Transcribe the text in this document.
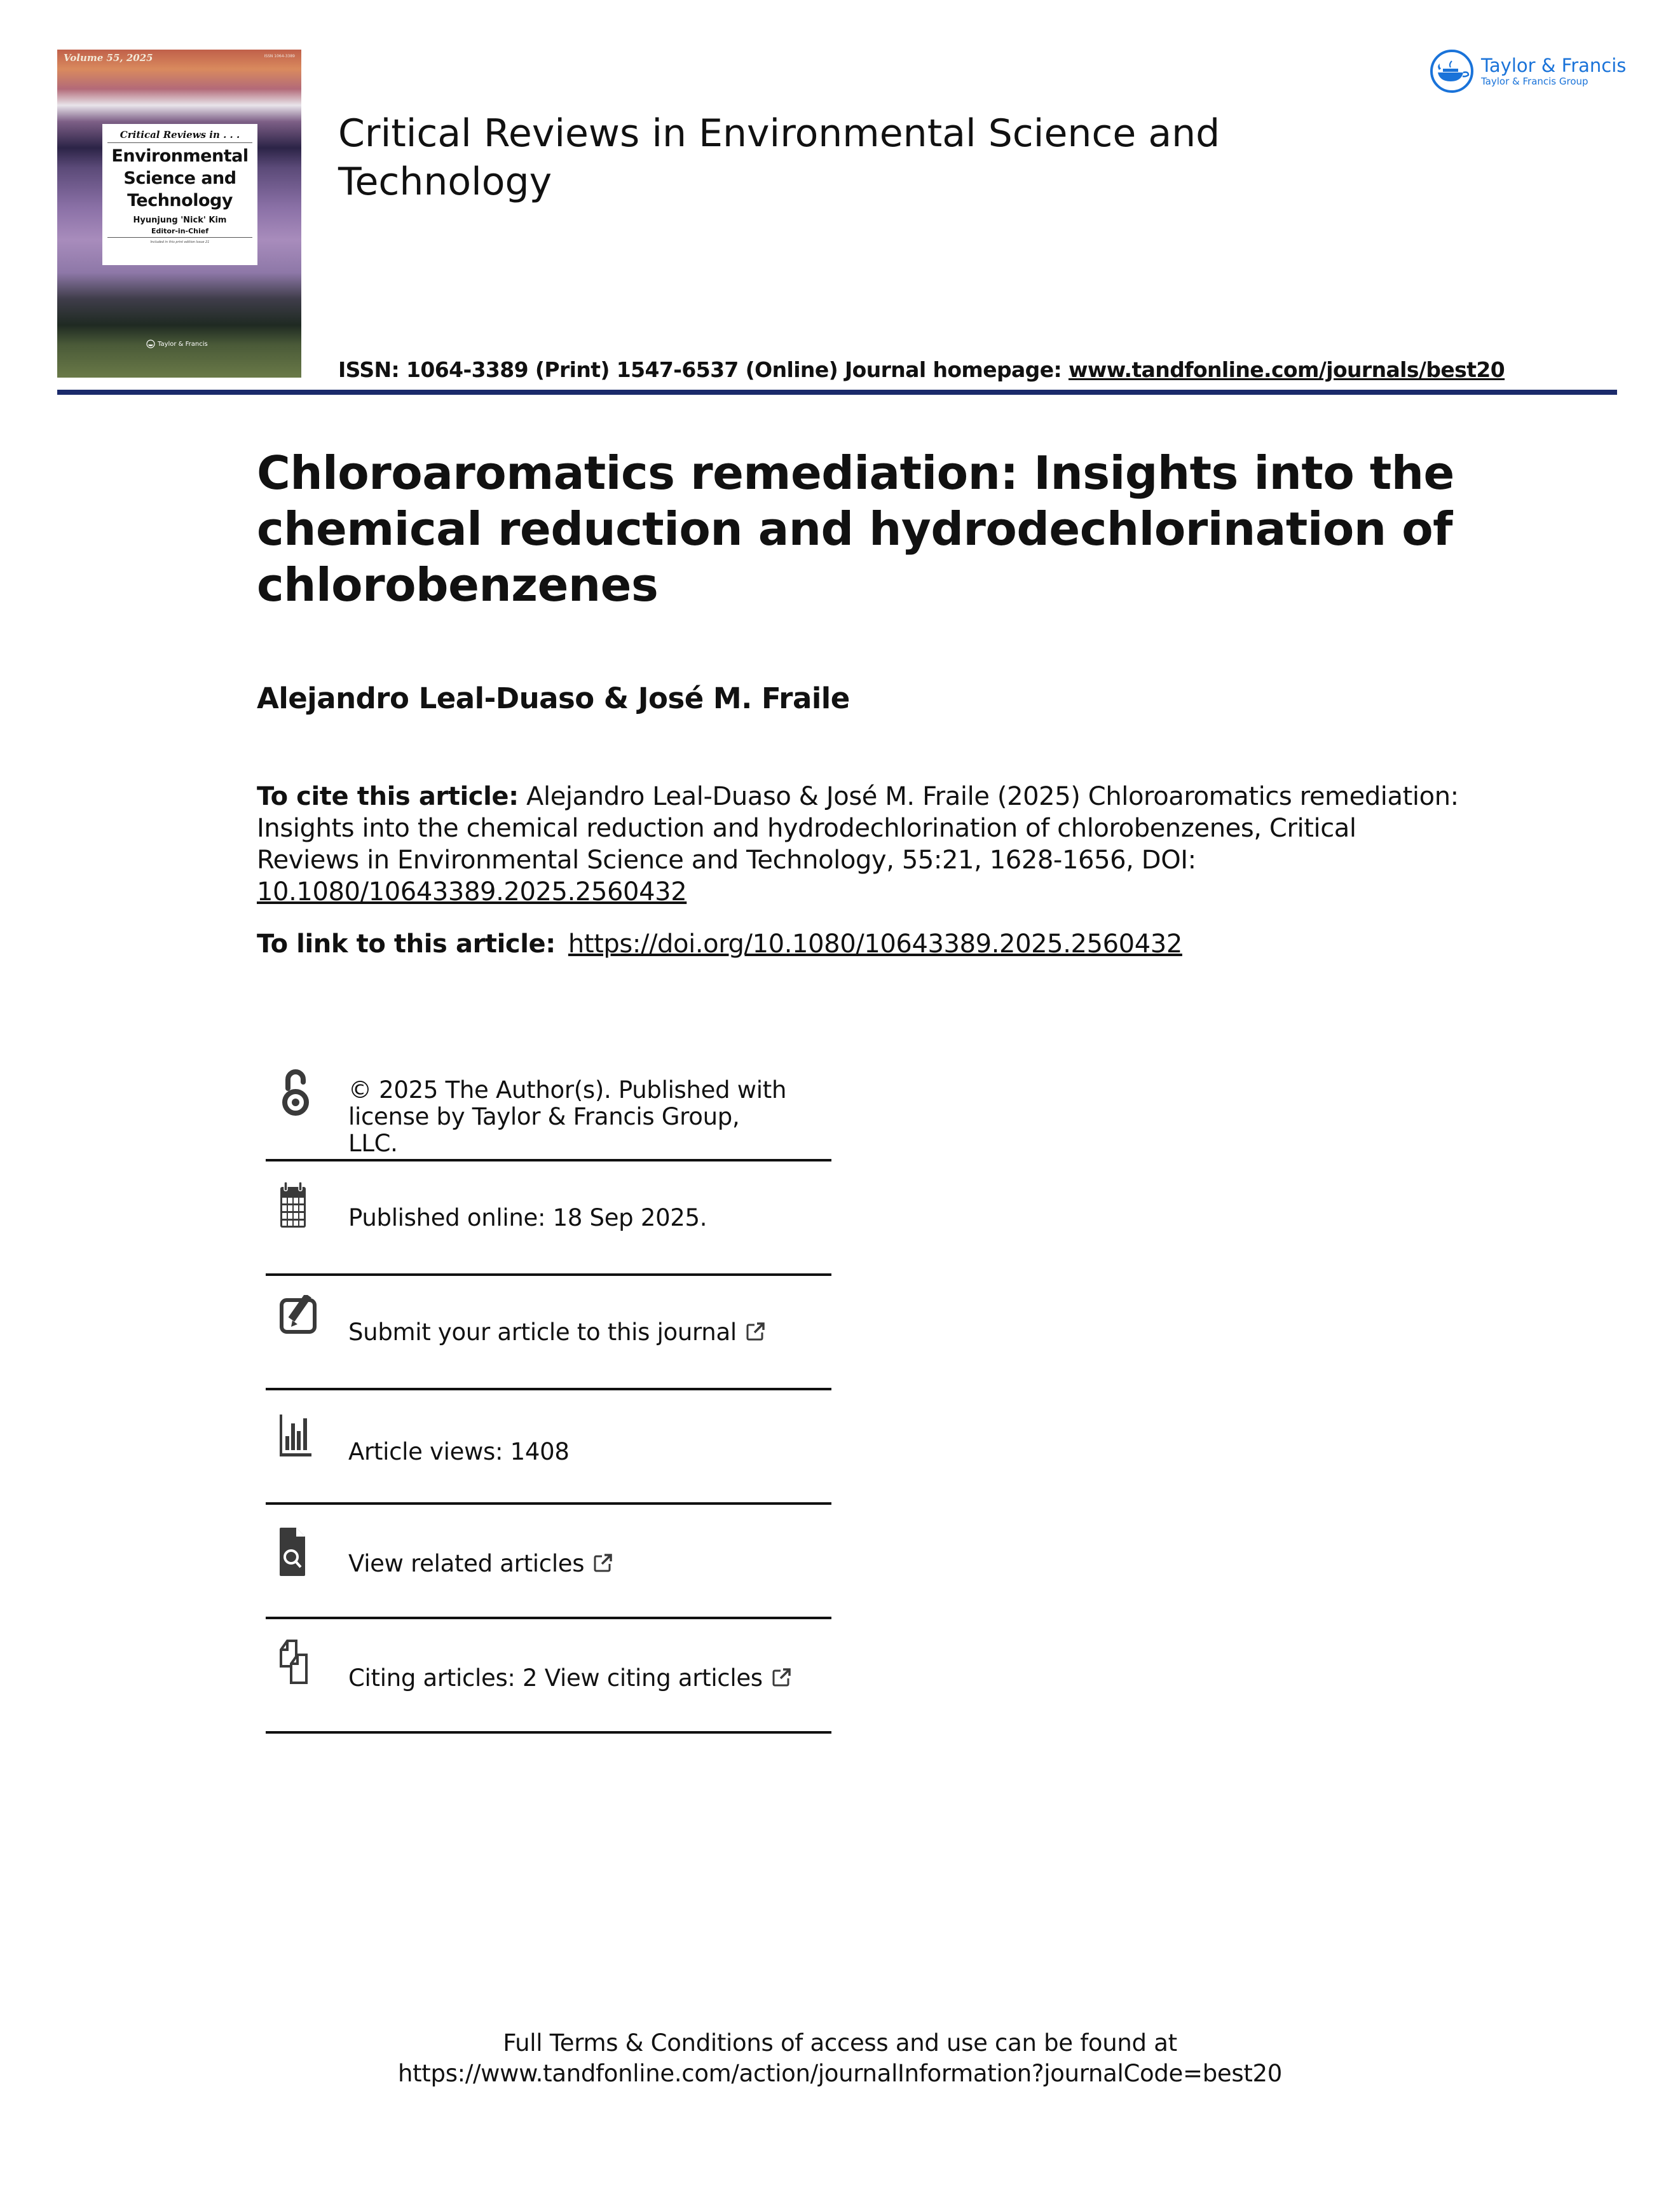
Volume 55, 2025	ISSN 1064-3389
Critical Reviews in . . .
Environmental
Science and
Technology
Hyunjung 'Nick' Kim
Editor-in-Chief
Included in this print edition Issue 21
Taylor & Francis
Critical Reviews in Environmental Science and Technology
Taylor & Francis
Taylor & Francis Group
ISSN: 1064-3389 (Print) 1547-6537 (Online) Journal homepage: www.tandfonline.com/journals/best20
Chloroaromatics remediation: Insights into the chemical reduction and hydrodechlorination of chlorobenzenes
Alejandro Leal-Duaso & José M. Fraile
To cite this article: Alejandro Leal-Duaso & José M. Fraile (2025) Chloroaromatics remediation: Insights into the chemical reduction and hydrodechlorination of chlorobenzenes, Critical Reviews in Environmental Science and Technology, 55:21, 1628-1656, DOI: 10.1080/10643389.2025.2560432
To link to this article: https://doi.org/10.1080/10643389.2025.2560432
© 2025 The Author(s). Published with license by Taylor & Francis Group, LLC.
Published online: 18 Sep 2025.
Submit your article to this journal
Article views: 1408
View related articles
Citing articles: 2 View citing articles
Full Terms & Conditions of access and use can be found at
https://www.tandfonline.com/action/journalInformation?journalCode=best20
